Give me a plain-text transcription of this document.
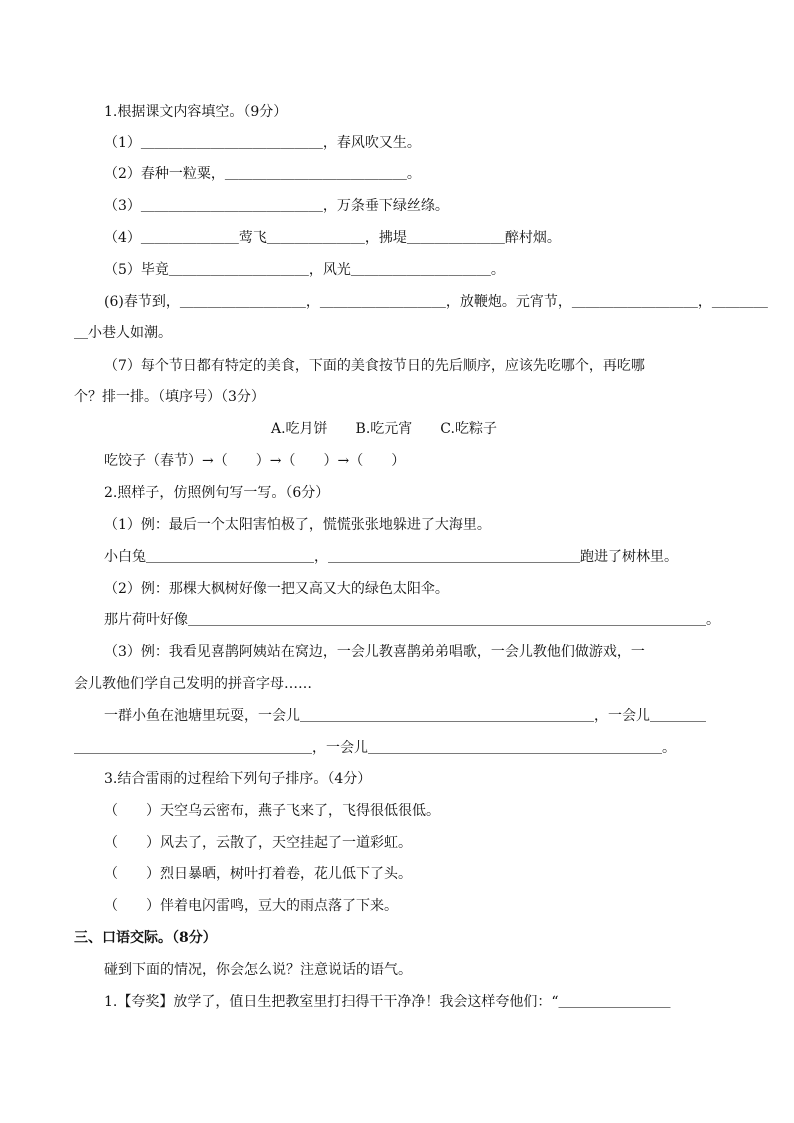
1.根据课文内容填空。（9分）
（1）＿＿＿＿＿＿＿＿＿＿＿＿＿，春风吹又生。
（2）春种一粒粟，＿＿＿＿＿＿＿＿＿＿＿＿＿。
（3）＿＿＿＿＿＿＿＿＿＿＿＿＿，万条垂下绿丝绦。
（4）＿＿＿＿＿＿＿莺飞＿＿＿＿＿＿＿，拂堤＿＿＿＿＿＿＿醉村烟。
（5）毕竟＿＿＿＿＿＿＿＿＿＿，风光＿＿＿＿＿＿＿＿＿＿。
(6)春节到，＿＿＿＿＿＿＿＿＿，＿＿＿＿＿＿＿＿＿，放鞭炮。元宵节，＿＿＿＿＿＿＿＿＿，＿＿＿＿
＿小巷人如潮。
（7）每个节日都有特定的美食，下面的美食按节日的先后顺序，应该先吃哪个，再吃哪
个？排一排。（填序号）（3分）
A.吃月饼　　B.吃元宵　　C.吃粽子
吃饺子（春节）→（　　）→（　　）→（　　）
2.照样子，仿照例句写一写。（6分）
（1）例：最后一个太阳害怕极了，慌慌张张地躲进了大海里。
小白兔＿＿＿＿＿＿＿＿＿＿＿＿，＿＿＿＿＿＿＿＿＿＿＿＿＿＿＿＿＿＿跑进了树林里。
（2）例：那棵大枫树好像一把又高又大的绿色太阳伞。
那片荷叶好像＿＿＿＿＿＿＿＿＿＿＿＿＿＿＿＿＿＿＿＿＿＿＿＿＿＿＿＿＿＿＿＿＿＿＿＿＿。
（3）例：我看见喜鹊阿姨站在窝边，一会儿教喜鹊弟弟唱歌，一会儿教他们做游戏，一
会儿教他们学自己发明的拼音字母……
一群小鱼在池塘里玩耍，一会儿＿＿＿＿＿＿＿＿＿＿＿＿＿＿＿＿＿＿＿＿＿，一会儿＿＿＿＿
＿＿＿＿＿＿＿＿＿＿＿＿＿＿＿＿＿，一会儿＿＿＿＿＿＿＿＿＿＿＿＿＿＿＿＿＿＿＿＿＿。
3.结合雷雨的过程给下列句子排序。（4分）
（　　）天空乌云密布，燕子飞来了，飞得很低很低。
（　　）风去了，云散了，天空挂起了一道彩虹。
（　　）烈日暴晒，树叶打着卷，花儿低下了头。
（　　）伴着电闪雷鸣，豆大的雨点落了下来。
三、口语交际。（8分）
碰到下面的情况，你会怎么说？注意说话的语气。
1.【夸奖】放学了，值日生把教室里打扫得干干净净！我会这样夸他们：“＿＿＿＿＿＿＿＿
